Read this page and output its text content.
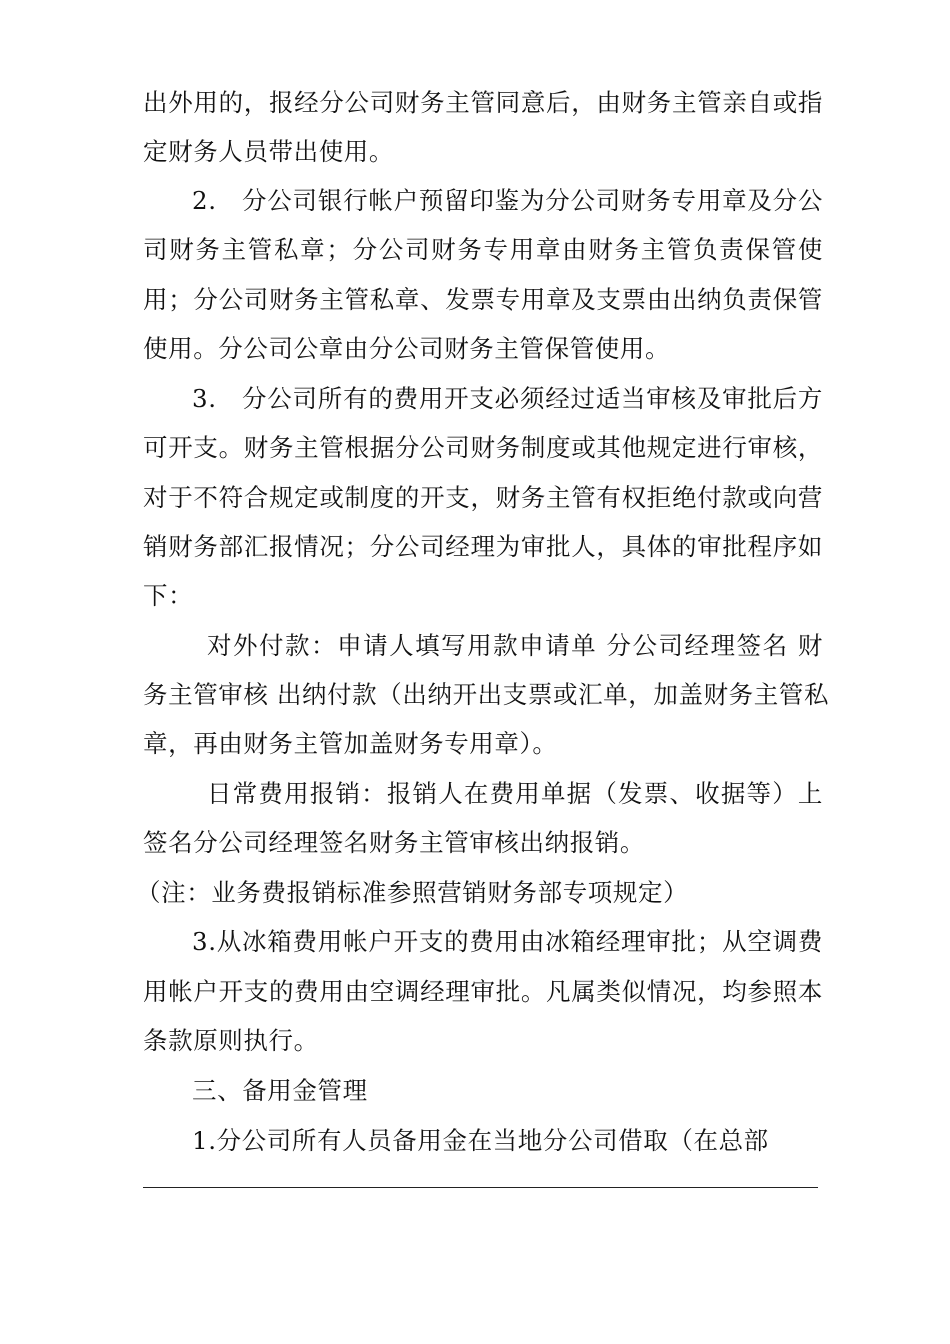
出外用的，报经分公司财务主管同意后，由财务主管亲自或指
定财务人员带出使用。
2.　分公司银行帐户预留印鉴为分公司财务专用章及分公
司财务主管私章；分公司财务专用章由财务主管负责保管使
用；分公司财务主管私章、发票专用章及支票由出纳负责保管
使用。分公司公章由分公司财务主管保管使用。
3.　分公司所有的费用开支必须经过适当审核及审批后方
可开支。财务主管根据分公司财务制度或其他规定进行审核，
对于不符合规定或制度的开支，财务主管有权拒绝付款或向营
销财务部汇报情况；分公司经理为审批人，具体的审批程序如
下：
对外付款：申请人填写用款申请单 分公司经理签名 财
务主管审核 出纳付款（出纳开出支票或汇单，加盖财务主管私
章，再由财务主管加盖财务专用章）。
日常费用报销：报销人在费用单据（发票、收据等）上
签名分公司经理签名财务主管审核出纳报销。
（注：业务费报销标准参照营销财务部专项规定）
3.从冰箱费用帐户开支的费用由冰箱经理审批；从空调费
用帐户开支的费用由空调经理审批。凡属类似情况，均参照本
条款原则执行。
三、备用金管理
1.分公司所有人员备用金在当地分公司借取（在总部
